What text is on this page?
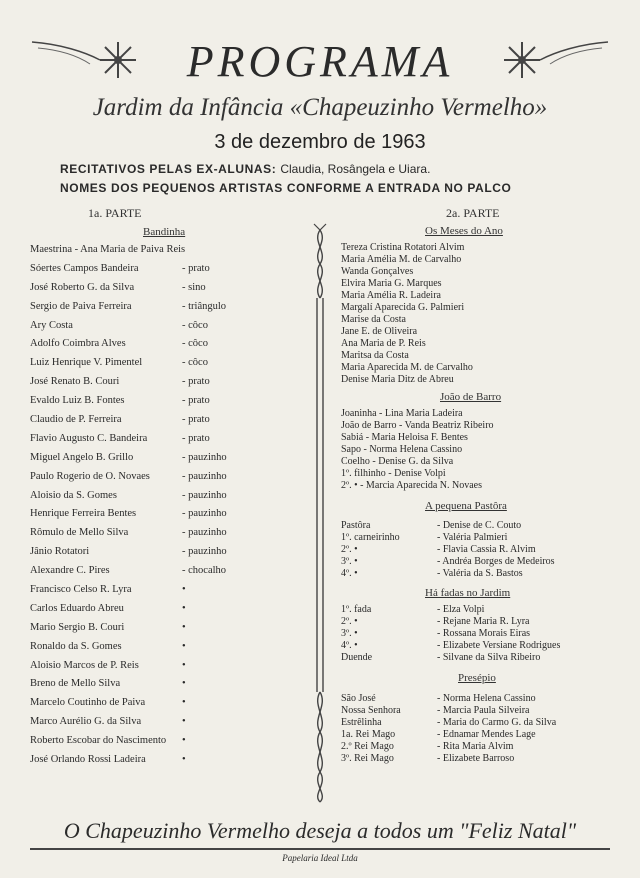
PROGRAMA
Jardim da Infância «Chapeuzinho Vermelho»
3 de dezembro de 1963
RECITATIVOS PELAS EX-ALUNAS: Claudia, Rosângela e Uiara.
NOMES DOS PEQUENOS ARTISTAS CONFORME A ENTRADA NO PALCO
1a. PARTE
Bandinha
Maestrina - Ana Maria de Paiva Reis
Sóertes Campos Bandeira	- prato
José Roberto G. da Silva	- sino
Sergio de Paiva Ferreira	- triângulo
Ary Costa	- côco
Adolfo Coimbra Alves	- côco
Luiz Henrique V. Pimentel	- côco
José Renato B. Couri	- prato
Evaldo Luiz B. Fontes	- prato
Claudio de P. Ferreira	- prato
Flavio Augusto C. Bandeira	- prato
Miguel Angelo B. Grillo	- pauzinho
Paulo Rogerio de O. Novaes	- pauzinho
Aloisio da S. Gomes	- pauzinho
Henrique Ferreira Bentes	- pauzinho
Rômulo de Mello Silva	- pauzinho
Jânio Rotatori	- pauzinho
Alexandre C. Pires	- chocalho
Francisco Celso R. Lyra	•
Carlos Eduardo Abreu	•
Mario Sergio B. Couri	•
Ronaldo da S. Gomes	•
Aloisio Marcos de P. Reis	•
Breno de Mello Silva	•
Marcelo Coutinho de Paiva	•
Marco Aurélio G. da Silva	•
Roberto Escobar do Nascimento •
José Orlando Rossi Ladeira	•
2a. PARTE
Os Meses do Ano
Tereza Cristina Rotatori Alvim
Maria Amélia M. de Carvalho
Wanda Gonçalves
Elvira Maria G. Marques
Maria Amélia R. Ladeira
Margalí Aparecida G. Palmieri
Marise da Costa
Jane E. de Oliveira
Ana Maria de P. Reis
Maritsa da Costa
Maria Aparecida M. de Carvalho
Denise Maria Ditz de Abreu
João de Barro
Joaninha - Lina Maria Ladeira
João de Barro - Vanda Beatriz Ribeiro
Sabiá - Maria Heloisa F. Bentes
Sapo - Norma Helena Cassino
Coelho - Denise G. da Silva
1º. filhinho - Denise Volpi
2º. • - Marcia Aparecida N. Novaes
A pequena Pastôra
Pastôra	- Denise de C. Couto
1º. carneirinho	- Valéria Palmieri
2º. •	- Flavia Cassia R. Alvim
3º. •	- Andréa Borges de Medeiros
4º. •	- Valéria da S. Bastos
Há fadas no Jardim
1º. fada	- Elza Volpi
2º. •	- Rejane Maria R. Lyra
3º. •	- Rossana Morais Eiras
4º. •	- Elizabete Versiane Rodrigues
Duende	- Silvane da Silva Ribeiro
Presépio
São José	- Norma Helena Cassino
Nossa Senhora	- Marcia Paula Silveira
Estrêlinha	- Maria do Carmo G. da Silva
1a. Rei Mago	- Ednamar Mendes Lage
2.º Rei Mago	- Rita Maria Alvim
3º. Rei Mago	- Elizabete Barroso
O Chapeuzinho Vermelho deseja a todos um "Feliz Natal"
Papelaria Ideal Ltda
